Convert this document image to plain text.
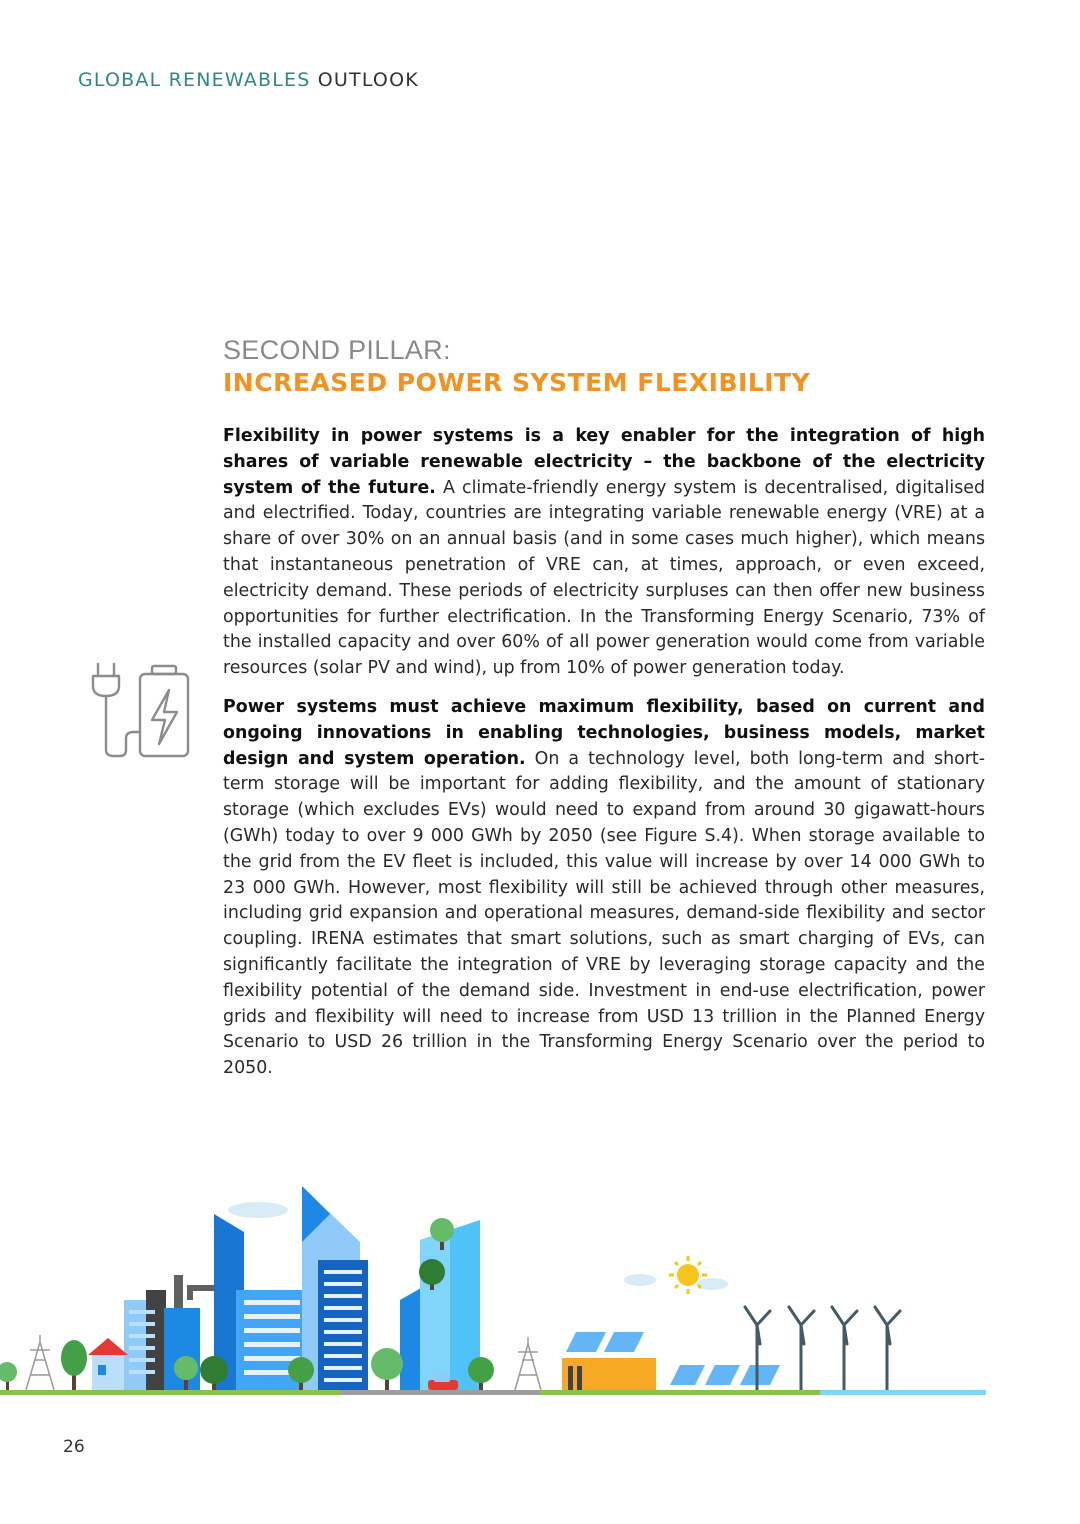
GLOBAL RENEWABLES OUTLOOK
SECOND PILLAR:
INCREASED POWER SYSTEM FLEXIBILITY

Flexibility in power systems is a key enabler for the integration of high shares of variable renewable electricity – the backbone of the electricity system of the future. A climate-friendly energy system is decentralised, digitalised and electrified. Today, countries are integrating variable renewable energy (VRE) at a share of over 30% on an annual basis (and in some cases much higher), which means that instantaneous penetration of VRE can, at times, approach, or even exceed, electricity demand. These periods of electricity surpluses can then offer new business opportunities for further electrification. In the Transforming Energy Scenario, 73% of the installed capacity and over 60% of all power generation would come from variable resources (solar PV and wind), up from 10% of power generation today.

Power systems must achieve maximum flexibility, based on current and ongoing innovations in enabling technologies, business models, market design and system operation. On a technology level, both long-term and short-term storage will be important for adding flexibility, and the amount of stationary storage (which excludes EVs) would need to expand from around 30 gigawatt-hours (GWh) today to over 9 000 GWh by 2050 (see Figure S.4). When storage available to the grid from the EV fleet is included, this value will increase by over 14 000 GWh to 23 000 GWh. However, most flexibility will still be achieved through other measures, including grid expansion and operational measures, demand-side flexibility and sector coupling. IRENA estimates that smart solutions, such as smart charging of EVs, can significantly facilitate the integration of VRE by leveraging storage capacity and the flexibility potential of the demand side. Investment in end-use electrification, power grids and flexibility will need to increase from USD 13 trillion in the Planned Energy Scenario to USD 26 trillion in the Transforming Energy Scenario over the period to 2050.

26
